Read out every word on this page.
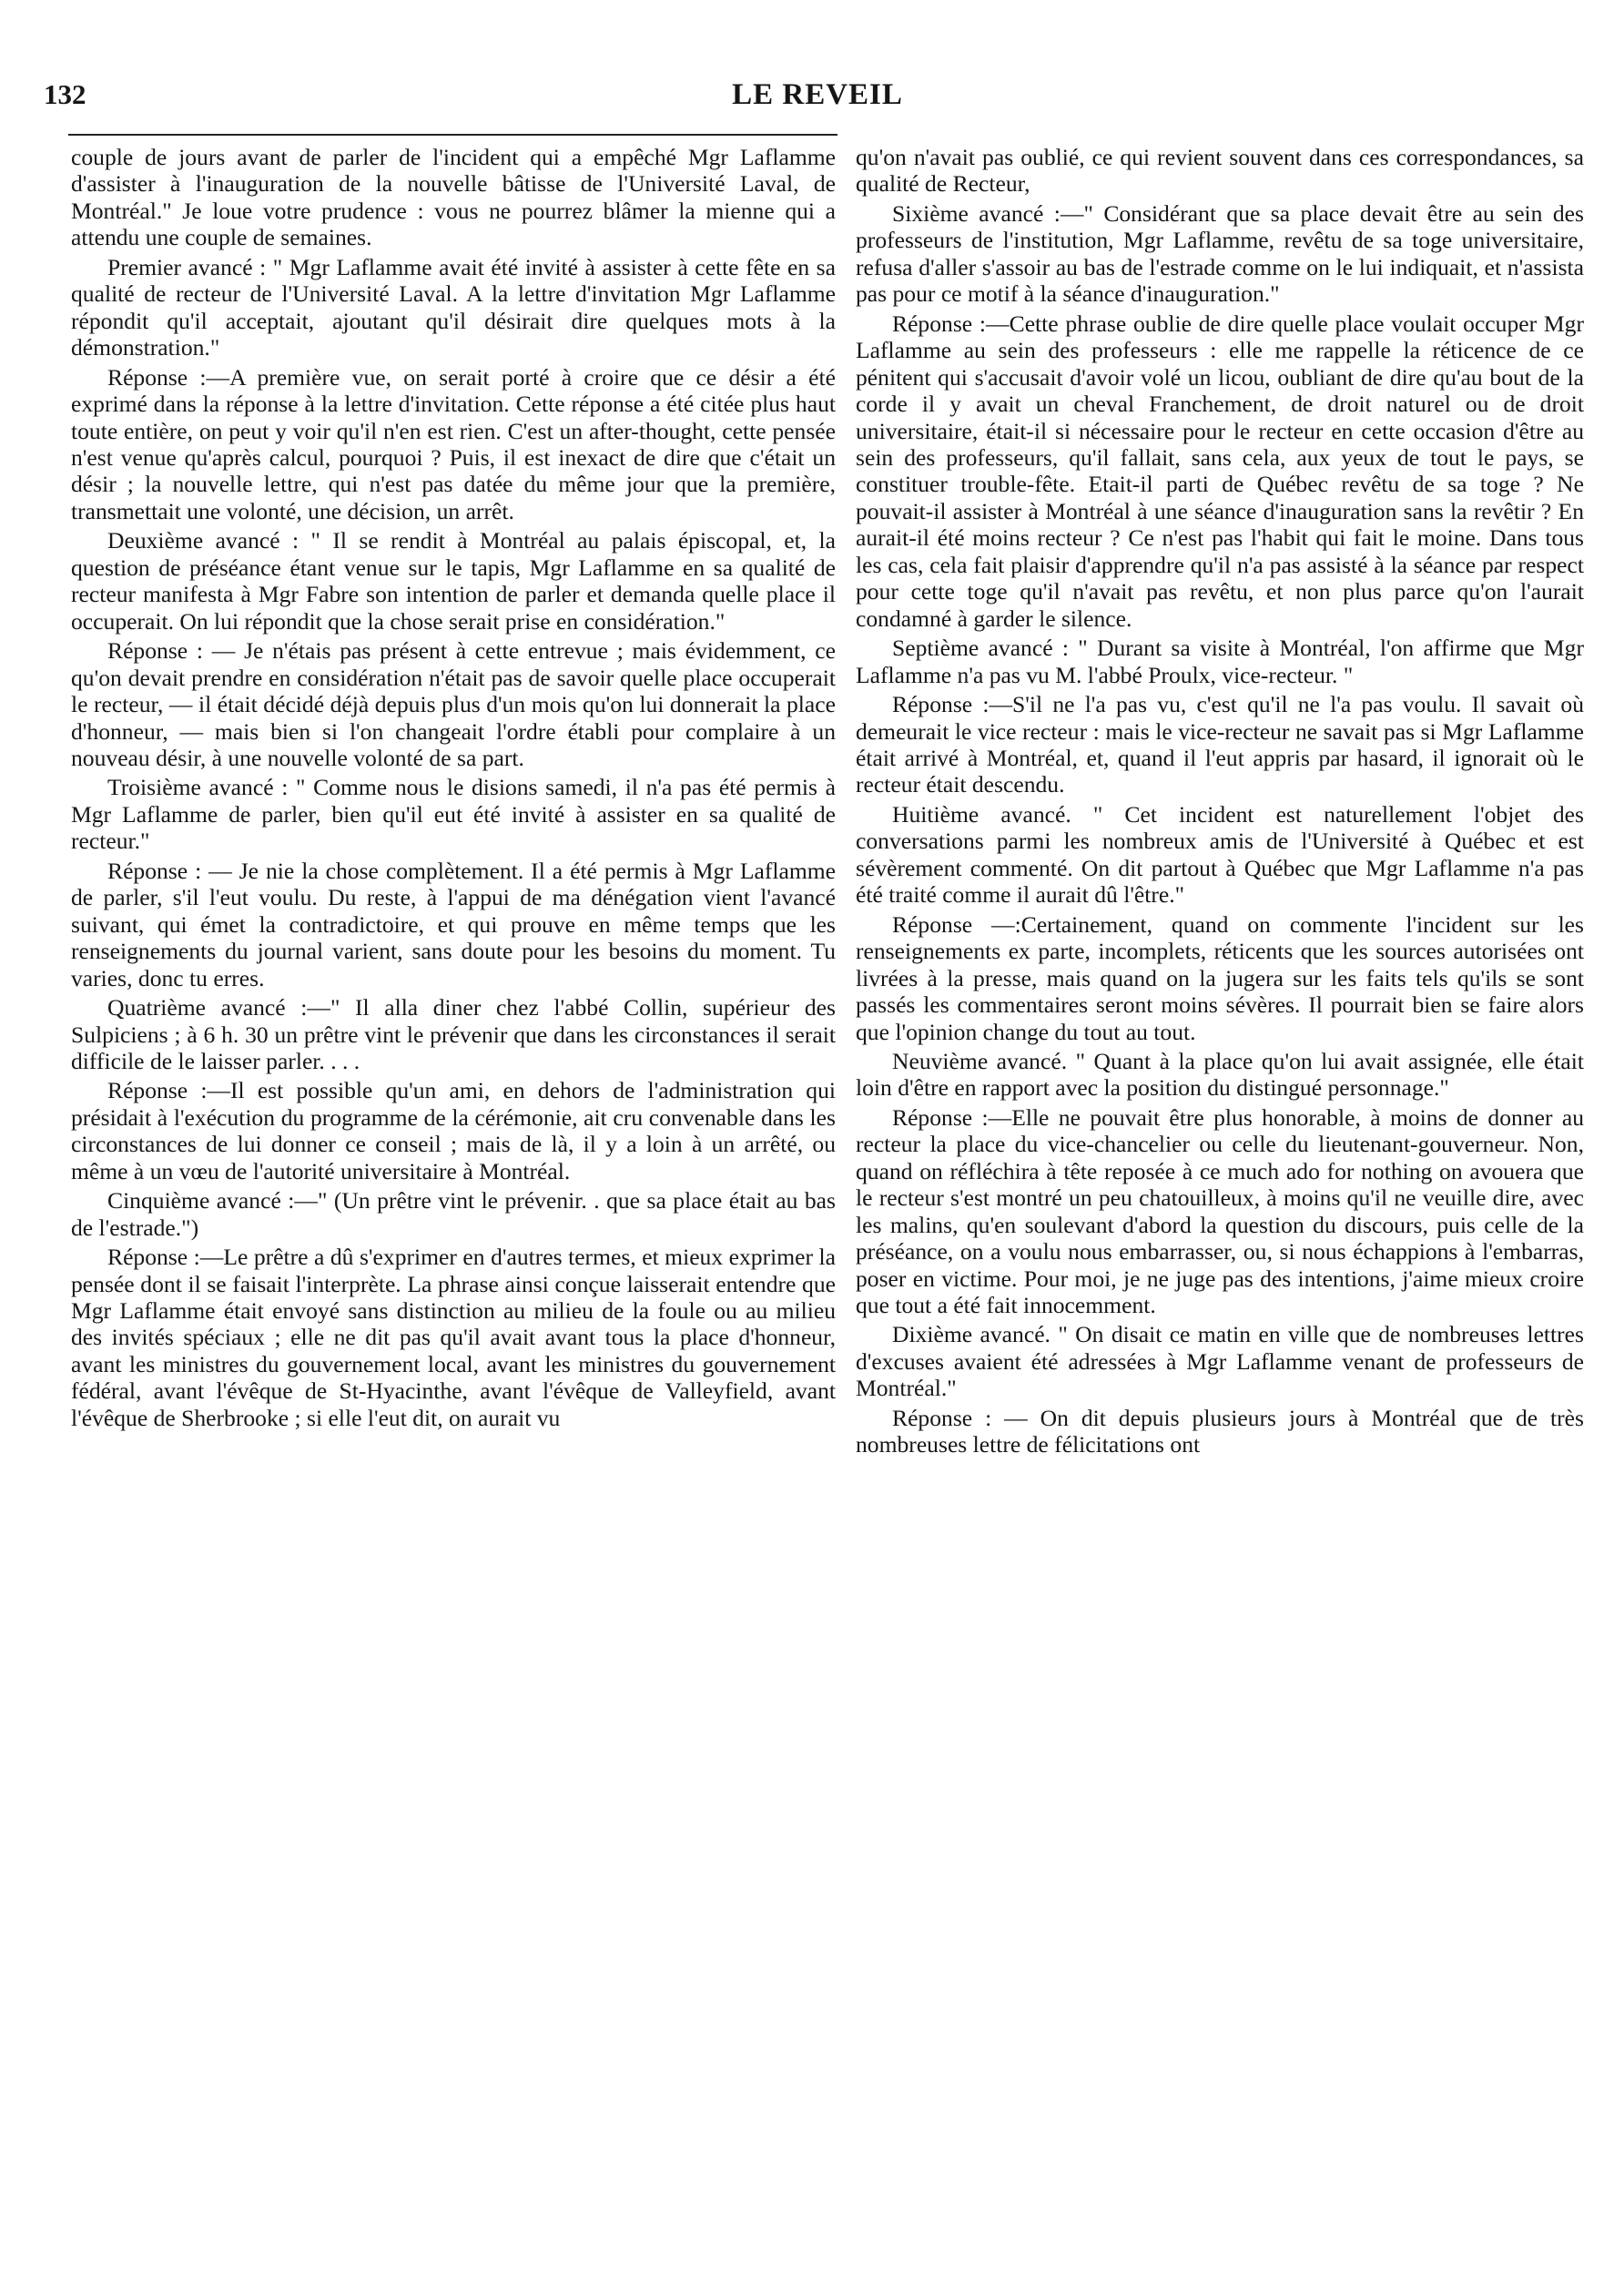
132	LE REVEIL

couple de jours avant de parler de l'incident qui a empêché Mgr Laflamme d'assister à l'inauguration de la nouvelle bâtisse de l'Université Laval, de Montréal." Je loue votre prudence : vous ne pourrez blâmer la mienne qui a attendu une couple de semaines.

Premier avancé : " Mgr Laflamme avait été invité à assister à cette fête en sa qualité de recteur de l'Université Laval. A la lettre d'invitation Mgr Laflamme répondit qu'il acceptait, ajoutant qu'il désirait dire quelques mots à la démonstration."

Réponse :—A première vue, on serait porté à croire que ce désir a été exprimé dans la réponse à la lettre d'invitation. Cette réponse a été citée plus haut toute entière, on peut y voir qu'il n'en est rien. C'est un after-thought, cette pensée n'est venue qu'après calcul, pourquoi ? Puis, il est inexact de dire que c'était un désir ; la nouvelle lettre, qui n'est pas datée du même jour que la première, transmettait une volonté, une décision, un arrêt.

Deuxième avancé : " Il se rendit à Montréal au palais épiscopal, et, la question de préséance étant venue sur le tapis, Mgr Laflamme en sa qualité de recteur manifesta à Mgr Fabre son intention de parler et demanda quelle place il occuperait. On lui répondit que la chose serait prise en considération."

Réponse : — Je n'étais pas présent à cette entrevue ; mais évidemment, ce qu'on devait prendre en considération n'était pas de savoir quelle place occuperait le recteur, — il était décidé déjà depuis plus d'un mois qu'on lui donnerait la place d'honneur, — mais bien si l'on changeait l'ordre établi pour complaire à un nouveau désir, à une nouvelle volonté de sa part.

Troisième avancé : " Comme nous le disions samedi, il n'a pas été permis à Mgr Laflamme de parler, bien qu'il eut été invité à assister en sa qualité de recteur."

Réponse : — Je nie la chose complètement. Il a été permis à Mgr Laflamme de parler, s'il l'eut voulu. Du reste, à l'appui de ma dénégation vient l'avancé suivant, qui émet la contradictoire, et qui prouve en même temps que les renseignements du journal varient, sans doute pour les besoins du moment. Tu varies, donc tu erres.

Quatrième avancé :—" Il alla diner chez l'abbé Collin, supérieur des Sulpiciens ; à 6 h. 30 un prêtre vint le prévenir que dans les circonstances il serait difficile de le laisser parler. . . .

Réponse :—Il est possible qu'un ami, en dehors de l'administration qui présidait à l'exécution du programme de la cérémonie, ait cru convenable dans les circonstances de lui donner ce conseil ; mais de là, il y a loin à un arrêté, ou même à un vœu de l'autorité universitaire à Montréal.

Cinquième avancé :—" (Un prêtre vint le prévenir. . que sa place était au bas de l'estrade.")

Réponse :—Le prêtre a dû s'exprimer en d'autres termes, et mieux exprimer la pensée dont il se faisait l'interprète. La phrase ainsi conçue laisserait entendre que Mgr Laflamme était envoyé sans distinction au milieu de la foule ou au milieu des invités spéciaux ; elle ne dit pas qu'il avait avant tous la place d'honneur, avant les ministres du gouvernement local, avant les ministres du gouvernement fédéral, avant l'évêque de St-Hyacinthe, avant l'évêque de Valleyfield, avant l'évêque de Sherbrooke ; si elle l'eut dit, on aurait vu

qu'on n'avait pas oublié, ce qui revient souvent dans ces correspondances, sa qualité de Recteur,

Sixième avancé :—" Considérant que sa place devait être au sein des professeurs de l'institution, Mgr Laflamme, revêtu de sa toge universitaire, refusa d'aller s'assoir au bas de l'estrade comme on le lui indiquait, et n'assista pas pour ce motif à la séance d'inauguration."

Réponse :—Cette phrase oublie de dire quelle place voulait occuper Mgr Laflamme au sein des professeurs : elle me rappelle la réticence de ce pénitent qui s'accusait d'avoir volé un licou, oubliant de dire qu'au bout de la corde il y avait un cheval Franchement, de droit naturel ou de droit universitaire, était-il si nécessaire pour le recteur en cette occasion d'être au sein des professeurs, qu'il fallait, sans cela, aux yeux de tout le pays, se constituer trouble-fête. Etait-il parti de Québec revêtu de sa toge ? Ne pouvait-il assister à Montréal à une séance d'inauguration sans la revêtir ? En aurait-il été moins recteur ? Ce n'est pas l'habit qui fait le moine. Dans tous les cas, cela fait plaisir d'apprendre qu'il n'a pas assisté à la séance par respect pour cette toge qu'il n'avait pas revêtu, et non plus parce qu'on l'aurait condamné à garder le silence.

Septième avancé : " Durant sa visite à Montréal, l'on affirme que Mgr Laflamme n'a pas vu M. l'abbé Proulx, vice-recteur. "

Réponse :—S'il ne l'a pas vu, c'est qu'il ne l'a pas voulu. Il savait où demeurait le vice recteur : mais le vice-recteur ne savait pas si Mgr Laflamme était arrivé à Montréal, et, quand il l'eut appris par hasard, il ignorait où le recteur était descendu.

Huitième avancé. " Cet incident est naturellement l'objet des conversations parmi les nombreux amis de l'Université à Québec et est sévèrement commenté. On dit partout à Québec que Mgr Laflamme n'a pas été traité comme il aurait dû l'être."

Réponse —:Certainement, quand on commente l'incident sur les renseignements ex parte, incomplets, réticents que les sources autorisées ont livrées à la presse, mais quand on la jugera sur les faits tels qu'ils se sont passés les commentaires seront moins sévères. Il pourrait bien se faire alors que l'opinion change du tout au tout.

Neuvième avancé. " Quant à la place qu'on lui avait assignée, elle était loin d'être en rapport avec la position du distingué personnage."

Réponse :—Elle ne pouvait être plus honorable, à moins de donner au recteur la place du vice-chancelier ou celle du lieutenant-gouverneur. Non, quand on réfléchira à tête reposée à ce much ado for nothing on avouera que le recteur s'est montré un peu chatouilleux, à moins qu'il ne veuille dire, avec les malins, qu'en soulevant d'abord la question du discours, puis celle de la préséance, on a voulu nous embarrasser, ou, si nous échappions à l'embarras, poser en victime. Pour moi, je ne juge pas des intentions, j'aime mieux croire que tout a été fait innocemment.

Dixième avancé. " On disait ce matin en ville que de nombreuses lettres d'excuses avaient été adressées à Mgr Laflamme venant de professeurs de Montréal."

Réponse : — On dit depuis plusieurs jours à Montréal que de très nombreuses lettre de félicitations ont
